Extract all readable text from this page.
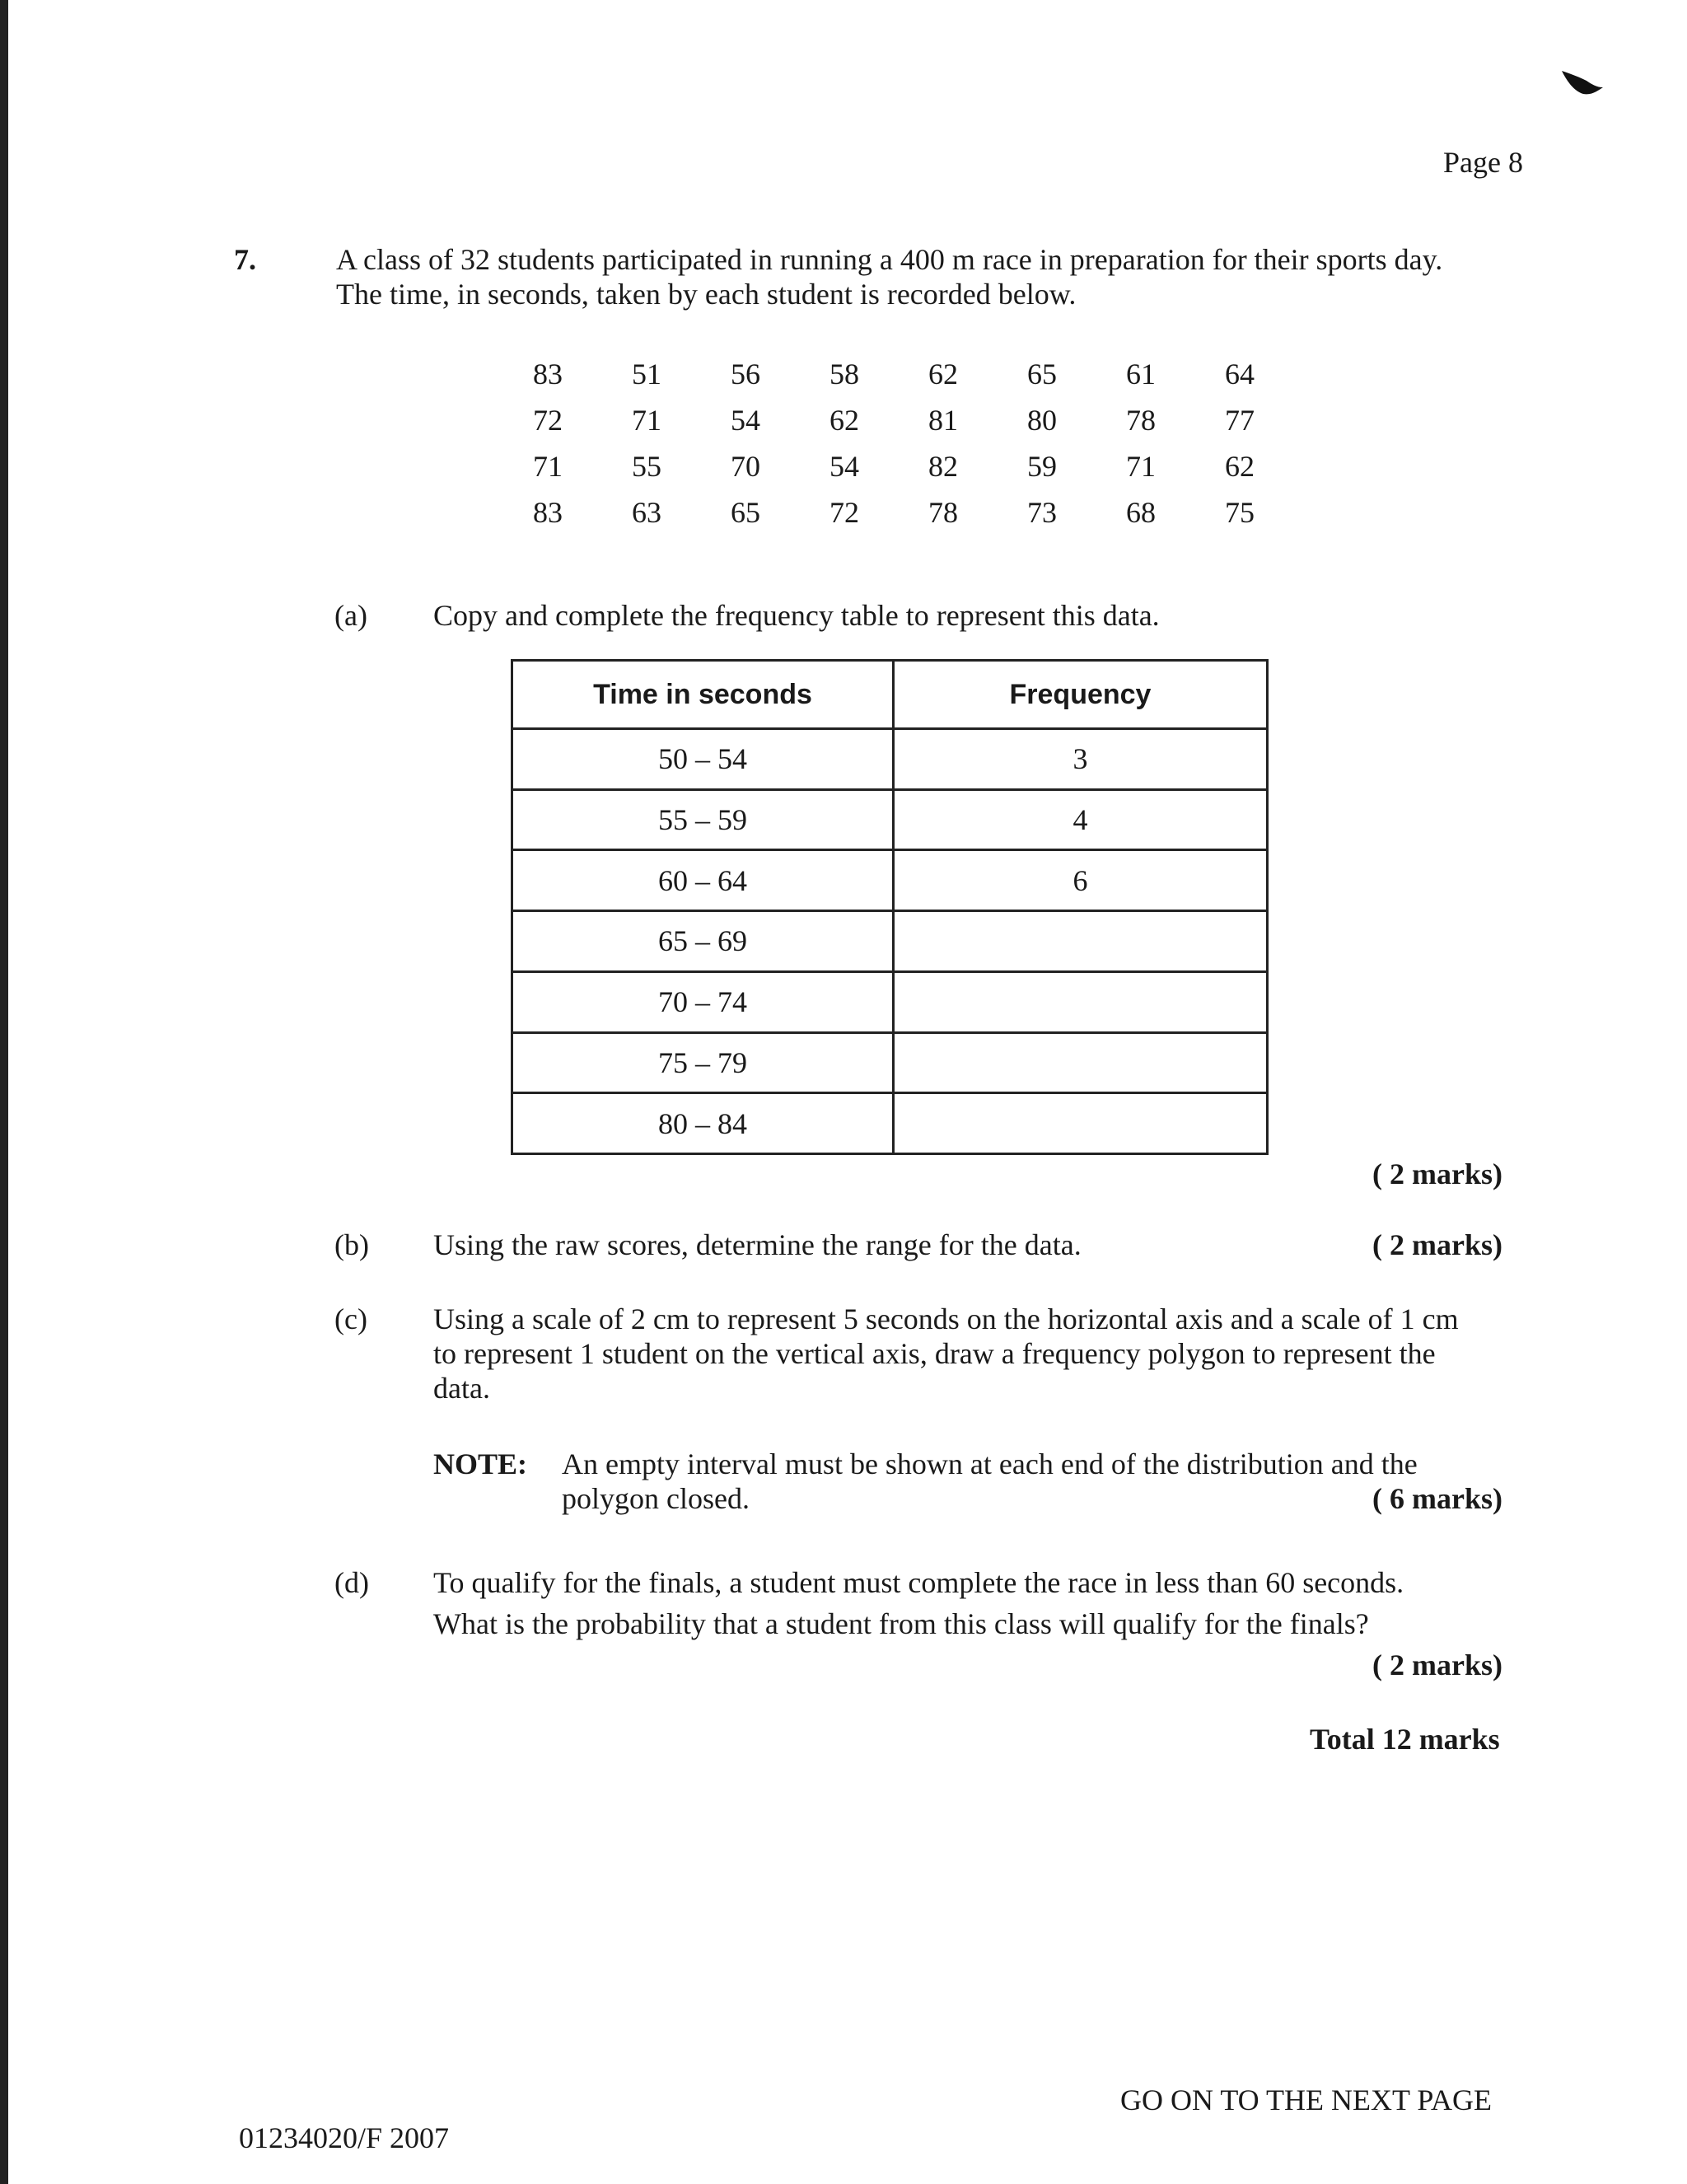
Page 8
7.	A class of 32 students participated in running a 400 m race in preparation for their sports day.
The time, in seconds, taken by each student is recorded below.
83	51	56	58	62	65	61	64
72	71	54	62	81	80	78	77
71	55	70	54	82	59	71	62
83	63	65	72	78	73	68	75
(a) Copy and complete the frequency table to represent this data.
Time in seconds	Frequency
50 – 54	3
55 – 59	4
60 – 64	6
65 – 69	
70 – 74	
75 – 79	
80 – 84	
( 2 marks)
(b) Using the raw scores, determine the range for the data.	( 2 marks)
(c) Using a scale of 2 cm to represent 5 seconds on the horizontal axis and a scale of 1 cm
to represent 1 student on the vertical axis, draw a frequency polygon to represent the
data.
NOTE: An empty interval must be shown at each end of the distribution and the
polygon closed.	( 6 marks)
(d) To qualify for the finals, a student must complete the race in less than 60 seconds.
What is the probability that a student from this class will qualify for the finals?
( 2 marks)
Total 12 marks
GO ON TO THE NEXT PAGE
01234020/F 2007
